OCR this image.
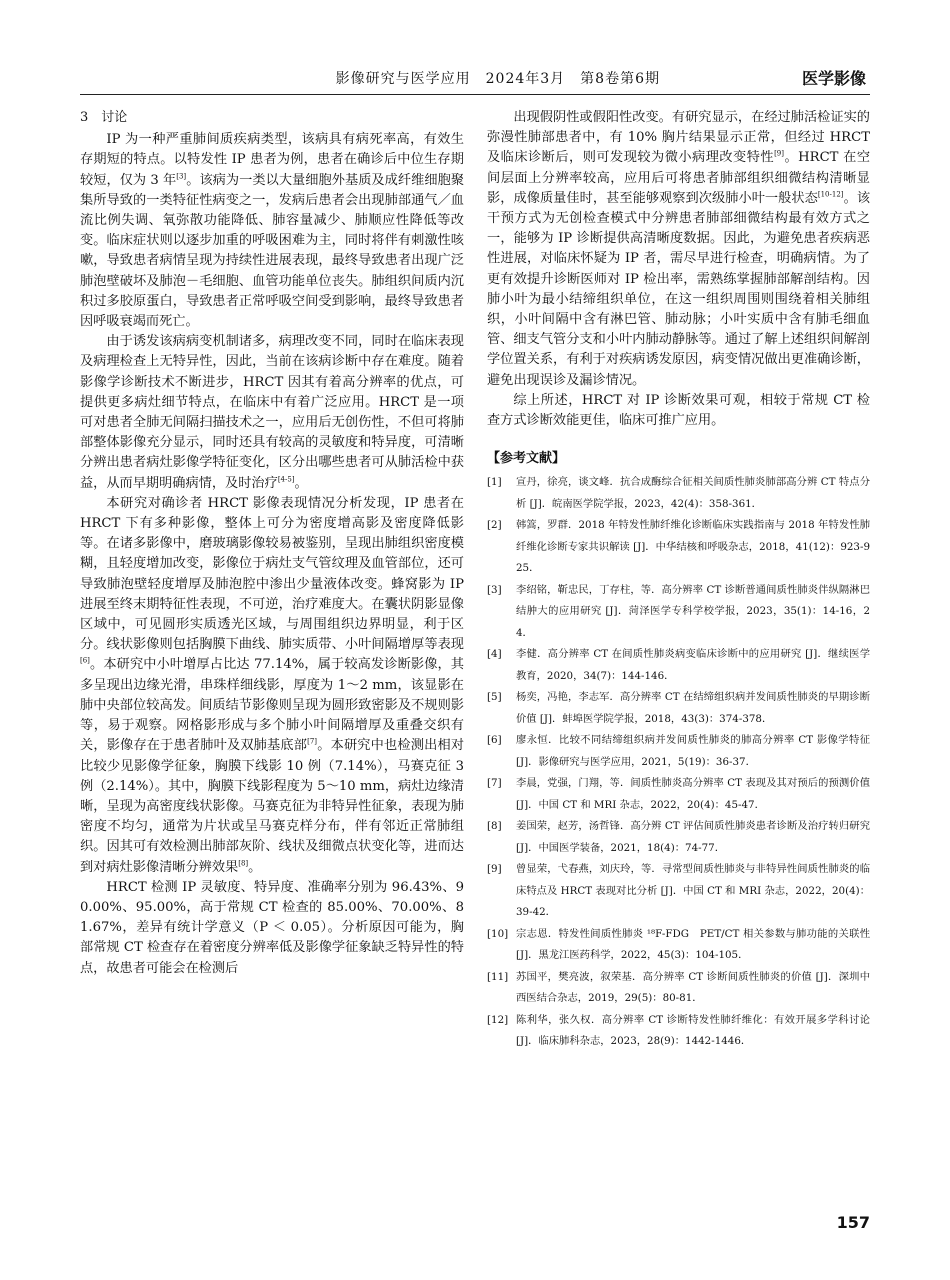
影像研究与医学应用　2024年3月　第8卷第6期	医学影像
3　讨论

IP 为一种严重肺间质疾病类型，该病具有病死率高，有效生存期短的特点。以特发性 IP 患者为例，患者在确诊后中位生存期较短，仅为 3 年[3]。该病为一类以大量细胞外基质及成纤维细胞聚集所导致的一类特征性病变之一，发病后患者会出现肺部通气／血流比例失调、氧弥散功能降低、肺容量减少、肺顺应性降低等改变。临床症状则以逐步加重的呼吸困难为主，同时将伴有刺激性咳嗽，导致患者病情呈现为持续性进展表现，最终导致患者出现广泛肺泡壁破坏及肺泡－毛细胞、血管功能单位丧失。肺组织间质内沉积过多胶原蛋白，导致患者正常呼吸空间受到影响，最终导致患者因呼吸衰竭而死亡。

由于诱发该病病变机制诸多，病理改变不同，同时在临床表现及病理检查上无特异性，因此，当前在该病诊断中存在难度。随着影像学诊断技术不断进步，HRCT 因其有着高分辨率的优点，可提供更多病灶细节特点，在临床中有着广泛应用。HRCT 是一项可对患者全肺无间隔扫描技术之一，应用后无创伤性，不但可将肺部整体影像充分显示，同时还具有较高的灵敏度和特异度，可清晰分辨出患者病灶影像学特征变化，区分出哪些患者可从肺活检中获益，从而早期明确病情，及时治疗[4-5]。

本研究对确诊者 HRCT 影像表现情况分析发现，IP 患者在 HRCT 下有多种影像，整体上可分为密度增高影及密度降低影等。在诸多影像中，磨玻璃影像较易被鉴别，呈现出肺组织密度模糊，且轻度增加改变，影像位于病灶支气管纹理及血管部位，还可导致肺泡壁轻度增厚及肺泡腔中渗出少量液体改变。蜂窝影为 IP 进展至终末期特征性表现，不可逆，治疗难度大。在囊状阴影显像区域中，可见圆形实质透光区域，与周围组织边界明显，利于区分。线状影像则包括胸膜下曲线、肺实质带、小叶间隔增厚等表现[6]。本研究中小叶增厚占比达 77.14%，属于较高发诊断影像，其多呈现出边缘光滑，串珠样细线影，厚度为 1～2 mm，该显影在肺中央部位较高发。间质结节影像则呈现为圆形致密影及不规则影等，易于观察。网格影形成与多个肺小叶间隔增厚及重叠交织有关，影像存在于患者肺叶及双肺基底部[7]。本研究中也检测出相对比较少见影像学征象，胸膜下线影 10 例（7.14%），马赛克征 3 例（2.14%）。其中，胸膜下线影程度为 5～10 mm，病灶边缘清晰，呈现为高密度线状影像。马赛克征为非特异性征象，表现为肺密度不均匀，通常为片状或呈马赛克样分布，伴有邻近正常肺组织。因其可有效检测出肺部灰阶、线状及细微点状变化等，进而达到对病灶影像清晰分辨效果[8]。

HRCT 检测 IP 灵敏度、特异度、准确率分别为 96.43%、90.00%、95.00%，高于常规 CT 检查的 85.00%、70.00%、81.67%，差异有统计学意义（P ＜ 0.05）。分析原因可能为，胸部常规 CT 检查存在着密度分辨率低及影像学征象缺乏特异性的特点，故患者可能会在检测后

出现假阴性或假阳性改变。有研究显示，在经过肺活检证实的弥漫性肺部患者中，有 10% 胸片结果显示正常，但经过 HRCT 及临床诊断后，则可发现较为微小病理改变特性[9]。HRCT 在空间层面上分辨率较高，应用后可将患者肺部组织细微结构清晰显影，成像质量佳时，甚至能够观察到次级肺小叶一般状态[10-12]。该干预方式为无创检查模式中分辨患者肺部细微结构最有效方式之一，能够为 IP 诊断提供高清晰度数据。因此，为避免患者疾病恶性进展，对临床怀疑为 IP 者，需尽早进行检查，明确病情。为了更有效提升诊断医师对 IP 检出率，需熟练掌握肺部解剖结构。因肺小叶为最小结缔组织单位，在这一组织周围则围绕着相关肺组织，小叶间隔中含有淋巴管、肺动脉；小叶实质中含有肺毛细血管、细支气管分支和小叶内肺动静脉等。通过了解上述组织间解剖学位置关系，有利于对疾病诱发原因，病变情况做出更准确诊断，避免出现误诊及漏诊情况。

综上所述，HRCT 对 IP 诊断效果可观，相较于常规 CT 检查方式诊断效能更佳，临床可推广应用。

【参考文献】
[1]	宣丹，徐亮，谈文峰．抗合成酶综合征相关间质性肺炎肺部高分辨 CT 特点分析 [J]．皖南医学院学报，2023，42(4)：358-361．
[2]	韩篙，罗群．2018 年特发性肺纤维化诊断临床实践指南与 2018 年特发性肺纤维化诊断专家共识解读 [J]．中华结核和呼吸杂志，2018，41(12)：923-925．
[3]	李绍铭，靳忠民，丁存柱，等．高分辨率 CT 诊断普通间质性肺炎伴纵隔淋巴结肿大的应用研究 [J]．菏泽医学专科学校学报，2023，35(1)：14-16，24．
[4]	李健．高分辨率 CT 在间质性肺炎病变临床诊断中的应用研究 [J]．继续医学教育，2020，34(7)：144-146．
[5]	杨奕，冯艳，李志军．高分辨率 CT 在结缔组织病并发间质性肺炎的早期诊断价值 [J]．蚌埠医学院学报，2018，43(3)：374-378．
[6]	廖永恒．比较不同结缔组织病并发间质性肺炎的肺高分辨率 CT 影像学特征 [J]．影像研究与医学应用，2021，5(19)：36-37．
[7]	李晨，党强，门翔，等．间质性肺炎高分辨率 CT 表现及其对预后的预测价值 [J]．中国 CT 和 MRI 杂志，2022，20(4)：45-47．
[8]	姜国荣，赵芳，汤哲锋．高分辨 CT 评估间质性肺炎患者诊断及治疗转归研究 [J]．中国医学装备，2021，18(4)：74-77．
[9]	曾显荣，弋春燕，刘庆玲，等．寻常型间质性肺炎与非特异性间质性肺炎的临床特点及 HRCT 表现对比分析 [J]．中国 CT 和 MRI 杂志，2022，20(4)：39-42．
[10] 宗志恩．特发性间质性肺炎 ¹⁸F-FDG　PET/CT 相关参数与肺功能的关联性 [J]．黑龙江医药科学，2022，45(3)：104-105．
[11] 苏国平，樊亮波，叙荣基．高分辨率 CT 诊断间质性肺炎的价值 [J]．深圳中西医结合杂志，2019，29(5)：80-81．
[12] 陈利华，张久权．高分辨率 CT 诊断特发性肺纤维化：有效开展多学科讨论 [J]．临床肺科杂志，2023，28(9)：1442-1446．
157
